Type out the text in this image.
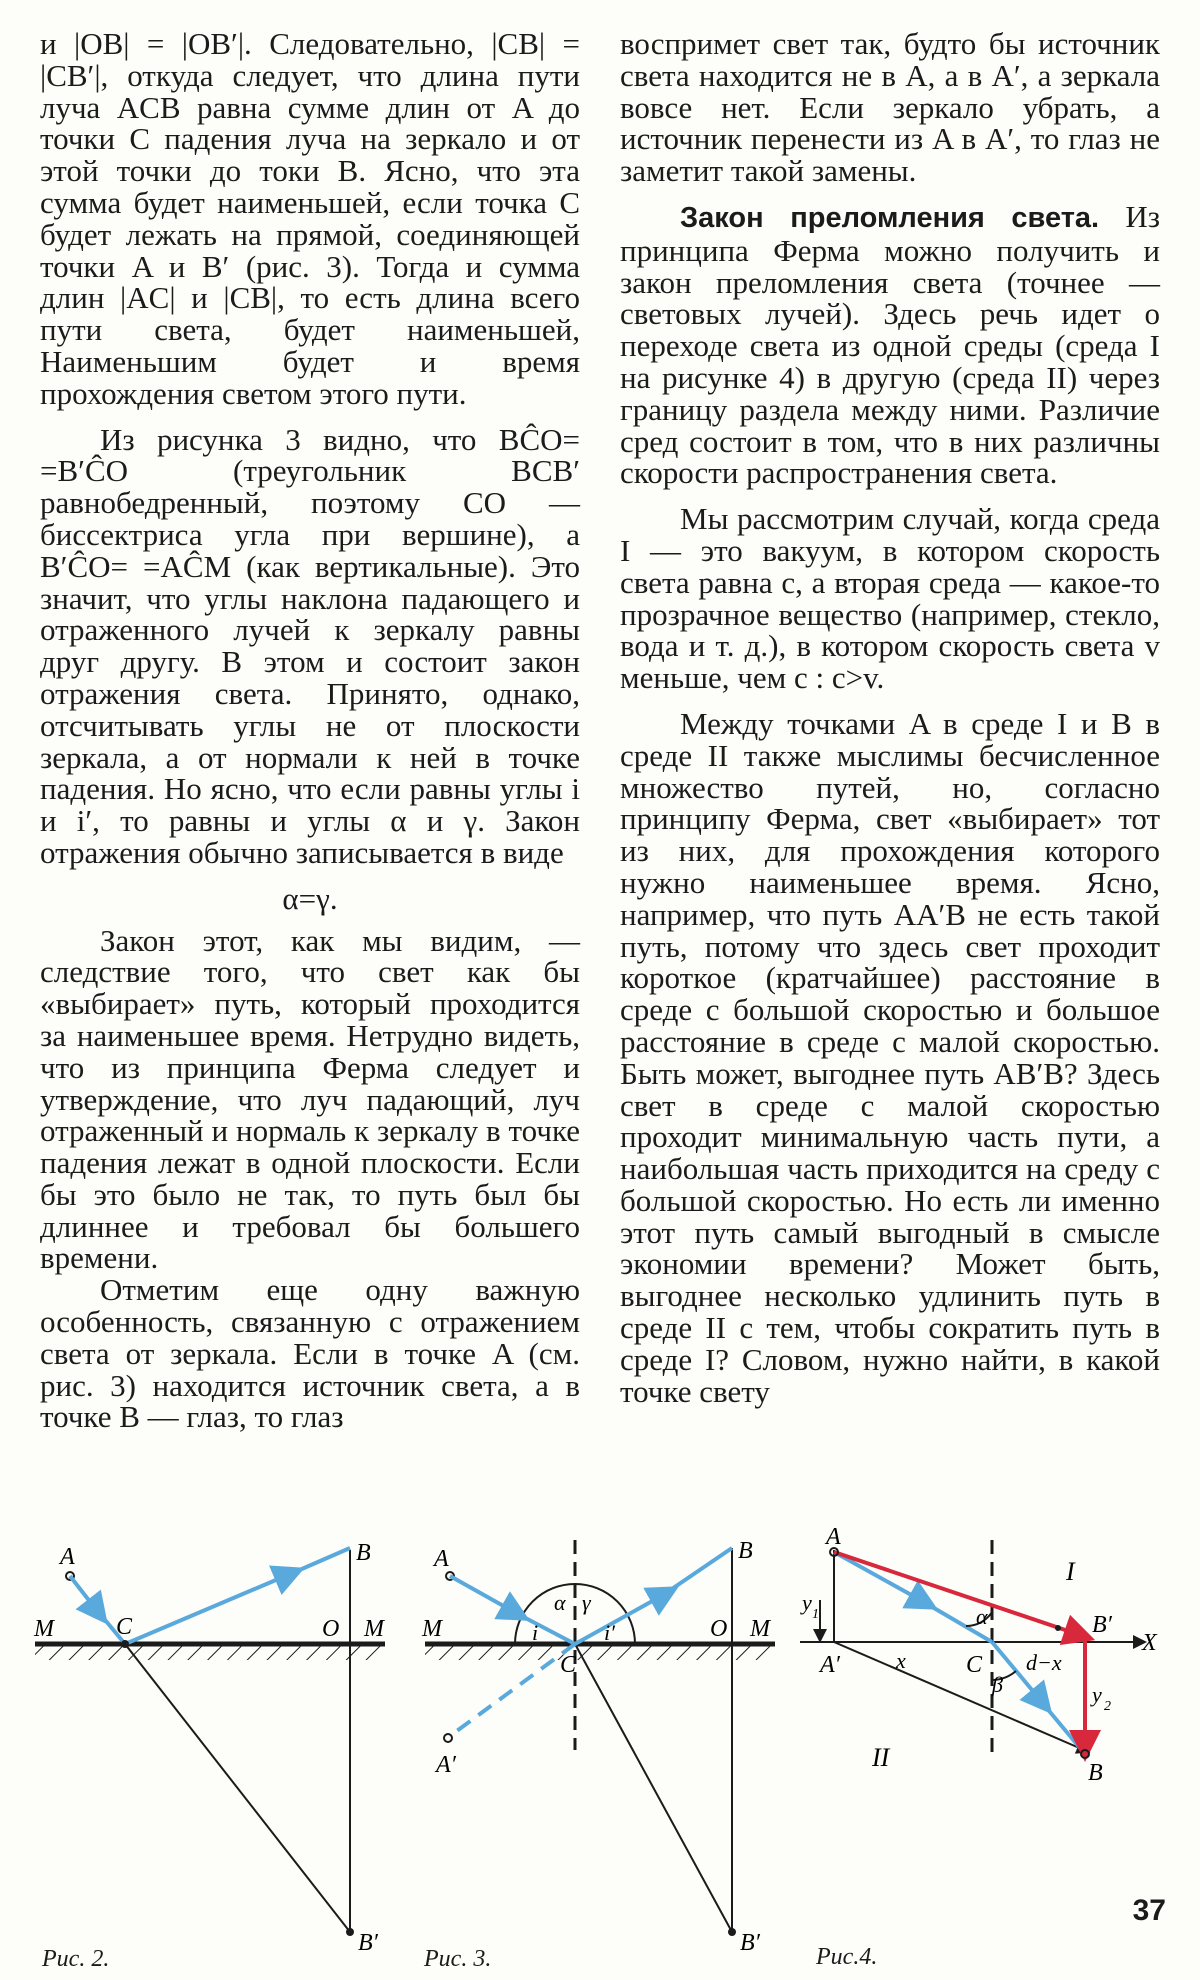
и |OB| = |OB′|. Следовательно, |CB| = |CB′|, откуда следует, что длина пути луча ACB равна сумме длин от A до точки C падения луча на зеркало и от этой точки до токи B. Ясно, что эта сумма будет наименьшей, если точка C будет лежать на прямой, соединяющей точки A и B′ (рис. 3). Тогда и сумма длин |AC| и |CB|, то есть длина всего пути света, будет наименьшей, Наименьшим будет и время прохождения светом этого пути.

Из рисунка 3 видно, что BĈO= =B′ĈO (треугольник BCB′ равнобедренный, поэтому CO — биссектриса угла при вершине), а B′ĈO= =AĈM (как вертикальные). Это значит, что углы наклона падающего и отраженного лучей к зеркалу равны друг другу. В этом и состоит закон отражения света. Принято, однако, отсчитывать углы не от плоскости зеркала, а от нормали к ней в точке падения. Но ясно, что если равны углы i и i′, то равны и углы α и γ. Закон отражения обычно записывается в виде

α=γ.

Закон этот, как мы видим, — следствие того, что свет как бы «выбирает» путь, который проходится за наименьшее время. Нетрудно видеть, что из принципа Ферма следует и утверждение, что луч падающий, луч отраженный и нормаль к зеркалу в точке падения лежат в одной плоскости. Если бы это было не так, то путь был бы длиннее и требовал бы большего времени.

Отметим еще одну важную особенность, связанную с отражением света от зеркала. Если в точке A (см. рис. 3) находится источник света, а в точке B — глаз, то глаз

воспримет свет так, будто бы источник света находится не в A, а в A′, а зеркала вовсе нет. Если зеркало убрать, а источник перенести из A в A′, то глаз не заметит такой замены.

Закон преломления света. Из принципа Ферма можно получить и закон преломления света (точнее — световых лучей). Здесь речь идет о переходе света из одной среды (среда I на рисунке 4) в другую (среда II) через границу раздела между ними. Различие сред состоит в том, что в них различны скорости распространения света.

Мы рассмотрим случай, когда среда I — это вакуум, в котором скорость света равна c, а вторая среда — какое-то прозрачное вещество (например, стекло, вода и т. д.), в котором скорость света v меньше, чем c : c>v.

Между точками A в среде I и B в среде II также мыслимы бесчисленное множество путей, но, согласно принципу Ферма, свет «выбирает» тот из них, для прохождения которого нужно наименьшее время. Ясно, например, что путь AA′B не есть такой путь, потому что здесь свет проходит короткое (кратчайшее) расстояние в среде с большой скоростью и большое расстояние в среде с малой скоростью. Быть может, выгоднее путь AB′B? Здесь свет в среде с малой скоростью проходит минимальную часть пути, а наибольшая часть приходится на среду с большой скоростью. Но есть ли именно этот путь самый выгодный в смысле экономии времени? Может быть, выгоднее несколько удлинить путь в среде II с тем, чтобы сократить путь в среде I? Словом, нужно найти, в какой точке свету

A	B
C
M	O M
B′
Рис. 2.
A	B
C
M	O M
B′
A′
i	i′
α γ
Рис. 3.
A
A′	C
B′
X
x	d−x
y 1
y 2
B
α
β
I
II
Рис.4.
37
